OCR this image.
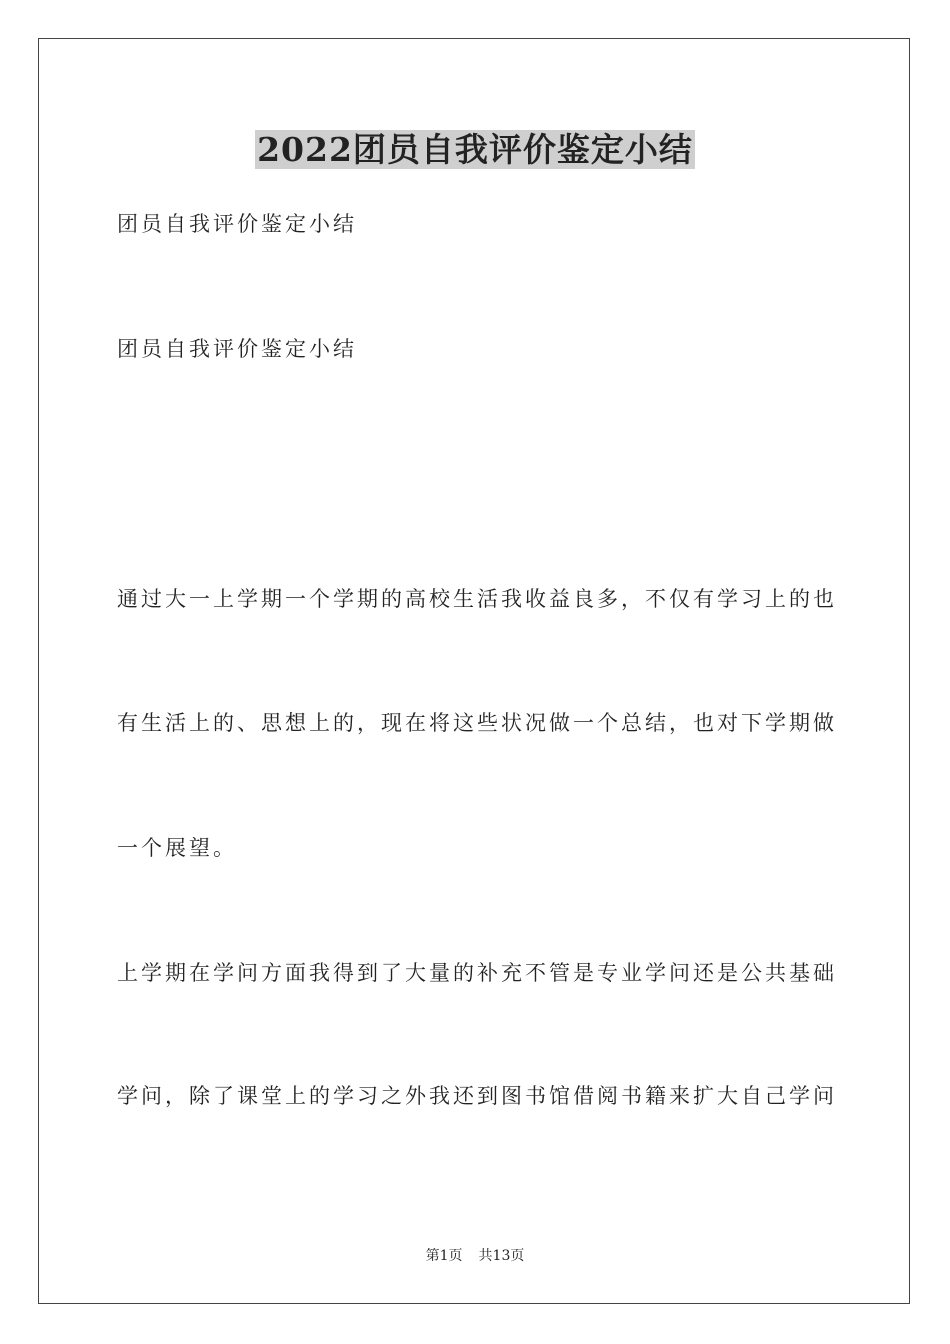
2022团员自我评价鉴定小结
团员自我评价鉴定小结
团员自我评价鉴定小结
通过大一上学期一个学期的高校生活我收益良多，不仅有学习上的也
有生活上的、思想上的，现在将这些状况做一个总结，也对下学期做
一个展望。
上学期在学问方面我得到了大量的补充不管是专业学问还是公共基础
学问，除了课堂上的学习之外我还到图书馆借阅书籍来扩大自己学问
第1页 共13页
